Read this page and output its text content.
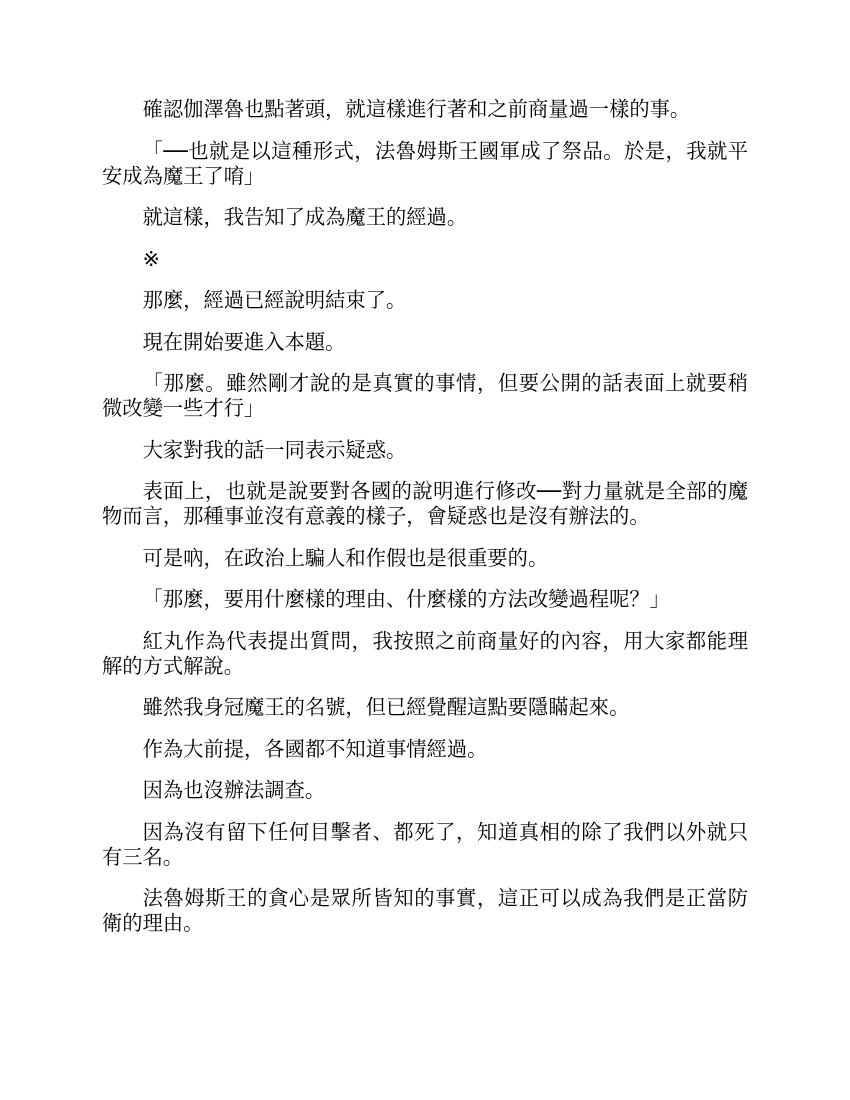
確認伽澤魯也點著頭，就這樣進行著和之前商量過一樣的事。

「──也就是以這種形式，法魯姆斯王國軍成了祭品。於是，我就平安成為魔王了唷」

就這樣，我告知了成為魔王的經過。

※

那麼，經過已經說明結束了。

現在開始要進入本題。

「那麼。雖然剛才說的是真實的事情，但要公開的話表面上就要稍微改變一些才行」

大家對我的話一同表示疑惑。

表面上，也就是說要對各國的說明進行修改──對力量就是全部的魔物而言，那種事並沒有意義的樣子，會疑惑也是沒有辦法的。

可是吶，在政治上騙人和作假也是很重要的。

「那麼，要用什麼樣的理由、什麼樣的方法改變過程呢？」

紅丸作為代表提出質問，我按照之前商量好的內容，用大家都能理解的方式解說。

雖然我身冠魔王的名號，但已經覺醒這點要隱瞞起來。

作為大前提，各國都不知道事情經過。

因為也沒辦法調查。

因為沒有留下任何目擊者、都死了，知道真相的除了我們以外就只有三名。

法魯姆斯王的貪心是眾所皆知的事實，這正可以成為我們是正當防衛的理由。
